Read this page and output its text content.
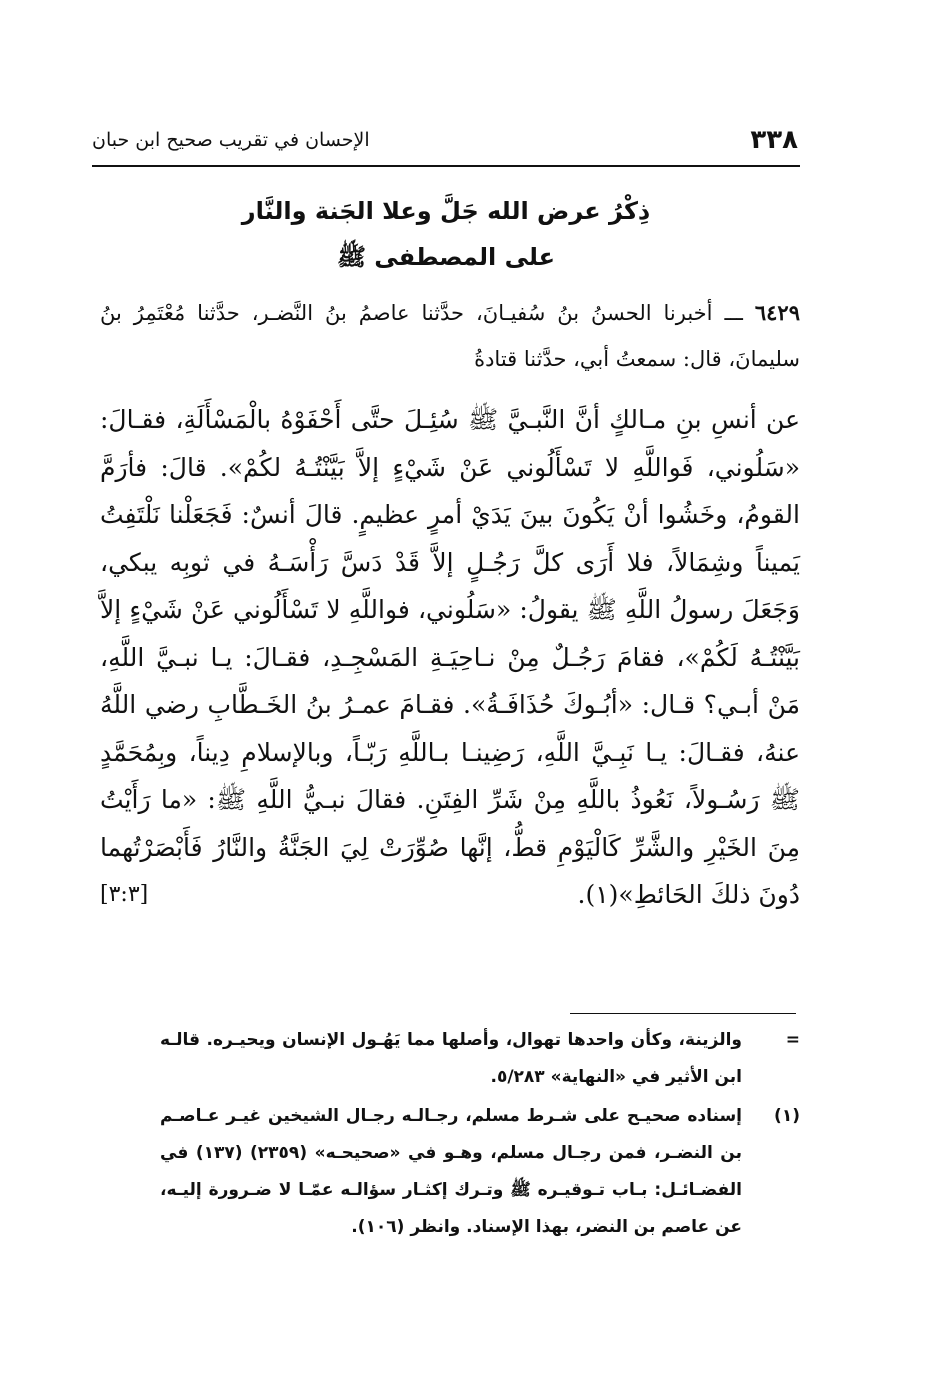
٣٣٨
الإحسان في تقريب صحيح ابن حبان
ذِكْرُ عرض الله جَلَّ وعلا الجَنة والنَّار
على المصطفى ﷺ
٦٤٢٩ ـــ أخبرنا الحسنُ بنُ سُفيـانَ، حدَّثنا عاصمُ بنُ النَّضـر، حدَّثنا مُعْتَمِرُ بنُ سليمانَ، قال: سمعتُ أبي، حدَّثنا قتادةُ
عن أنسِ بنِ مـالكٍ أنَّ النَّبـيَّ ﷺ سُئِـلَ حتَّى أَحْفَوْهُ بالْمَسْأَلَةِ، فقـالَ: «سَلُوني، فَواللَّهِ لا تَسْأَلُوني عَنْ شَيْءٍ إلاَّ بَيَّنْتُـهُ لكُمْ». قالَ: فأرَمَّ القومُ، وخَشُوا أنْ يَكُونَ بينَ يَدَيْ أمرٍ عظيمٍ. قالَ أنسٌ: فَجَعَلْنا نَلْتَفِتُ يَميناً وشِمَالاً، فلا أَرَى كلَّ رَجُـلٍ إلاَّ قَدْ دَسَّ رَأْسَـهُ في ثوبِه يبكي، وَجَعَلَ رسولُ اللَّهِ ﷺ يقولُ: «سَلُوني، فواللَّهِ لا تَسْأَلُوني عَنْ شَيْءٍ إلاَّ بَيَّنْتُـهُ لَكُمْ»، فقامَ رَجُـلٌ مِنْ نـاحِيَـةِ المَسْجِـدِ، فقـالَ: يـا نبـيَّ اللَّهِ، مَنْ أبـي؟ قـال: «أبُـوكَ حُذَافَـةُ». فقـامَ عمـرُ بنُ الخَـطَّابِ رضي اللَّهُ عنهُ، فقـالَ: يـا نَبِـيَّ اللَّهِ، رَضِينـا بـاللَّهِ رَبّـاً، وبالإسلامِ دِيناً، وبِمُحَمَّدٍ ﷺ رَسُـولاً، نَعُوذُ باللَّهِ مِنْ شَرِّ الفِتَنِ. فقالَ نبـيُّ اللَّهِ ﷺ: «ما رَأَيْتُ مِنَ الخَيْرِ والشَّرِّ كَالْيَوْمِ قطُّ، إنَّها صُوِّرَتْ لِيَ الجَنَّةُ والنَّارُ فَأَبْصَرْتُهما دُونَ ذلكَ الحَائطِ»(١).
[٣:٣]
=
والزينة، وكأن واحدها تهوال، وأصلها مما يَهُـول الإنسان ويحيـره. قالـه ابن الأثير في «النهاية» ٥/٢٨٣.
(١)
إسناده صحيـح على شـرط مسلم، رجـالـه رجـال الشيخين غيـر عـاصـم بن النضـر، فمن رجـال مسلم، وهـو في «صحيحـه» (٢٣٥٩) (١٣٧) في الفضـائـل: بـاب تـوقيـره ﷺ وتـرك إكثـار سؤالـه عمّـا لا ضـرورة إليـه، عن عاصم بن النضر، بهذا الإسناد. وانظر (١٠٦).
